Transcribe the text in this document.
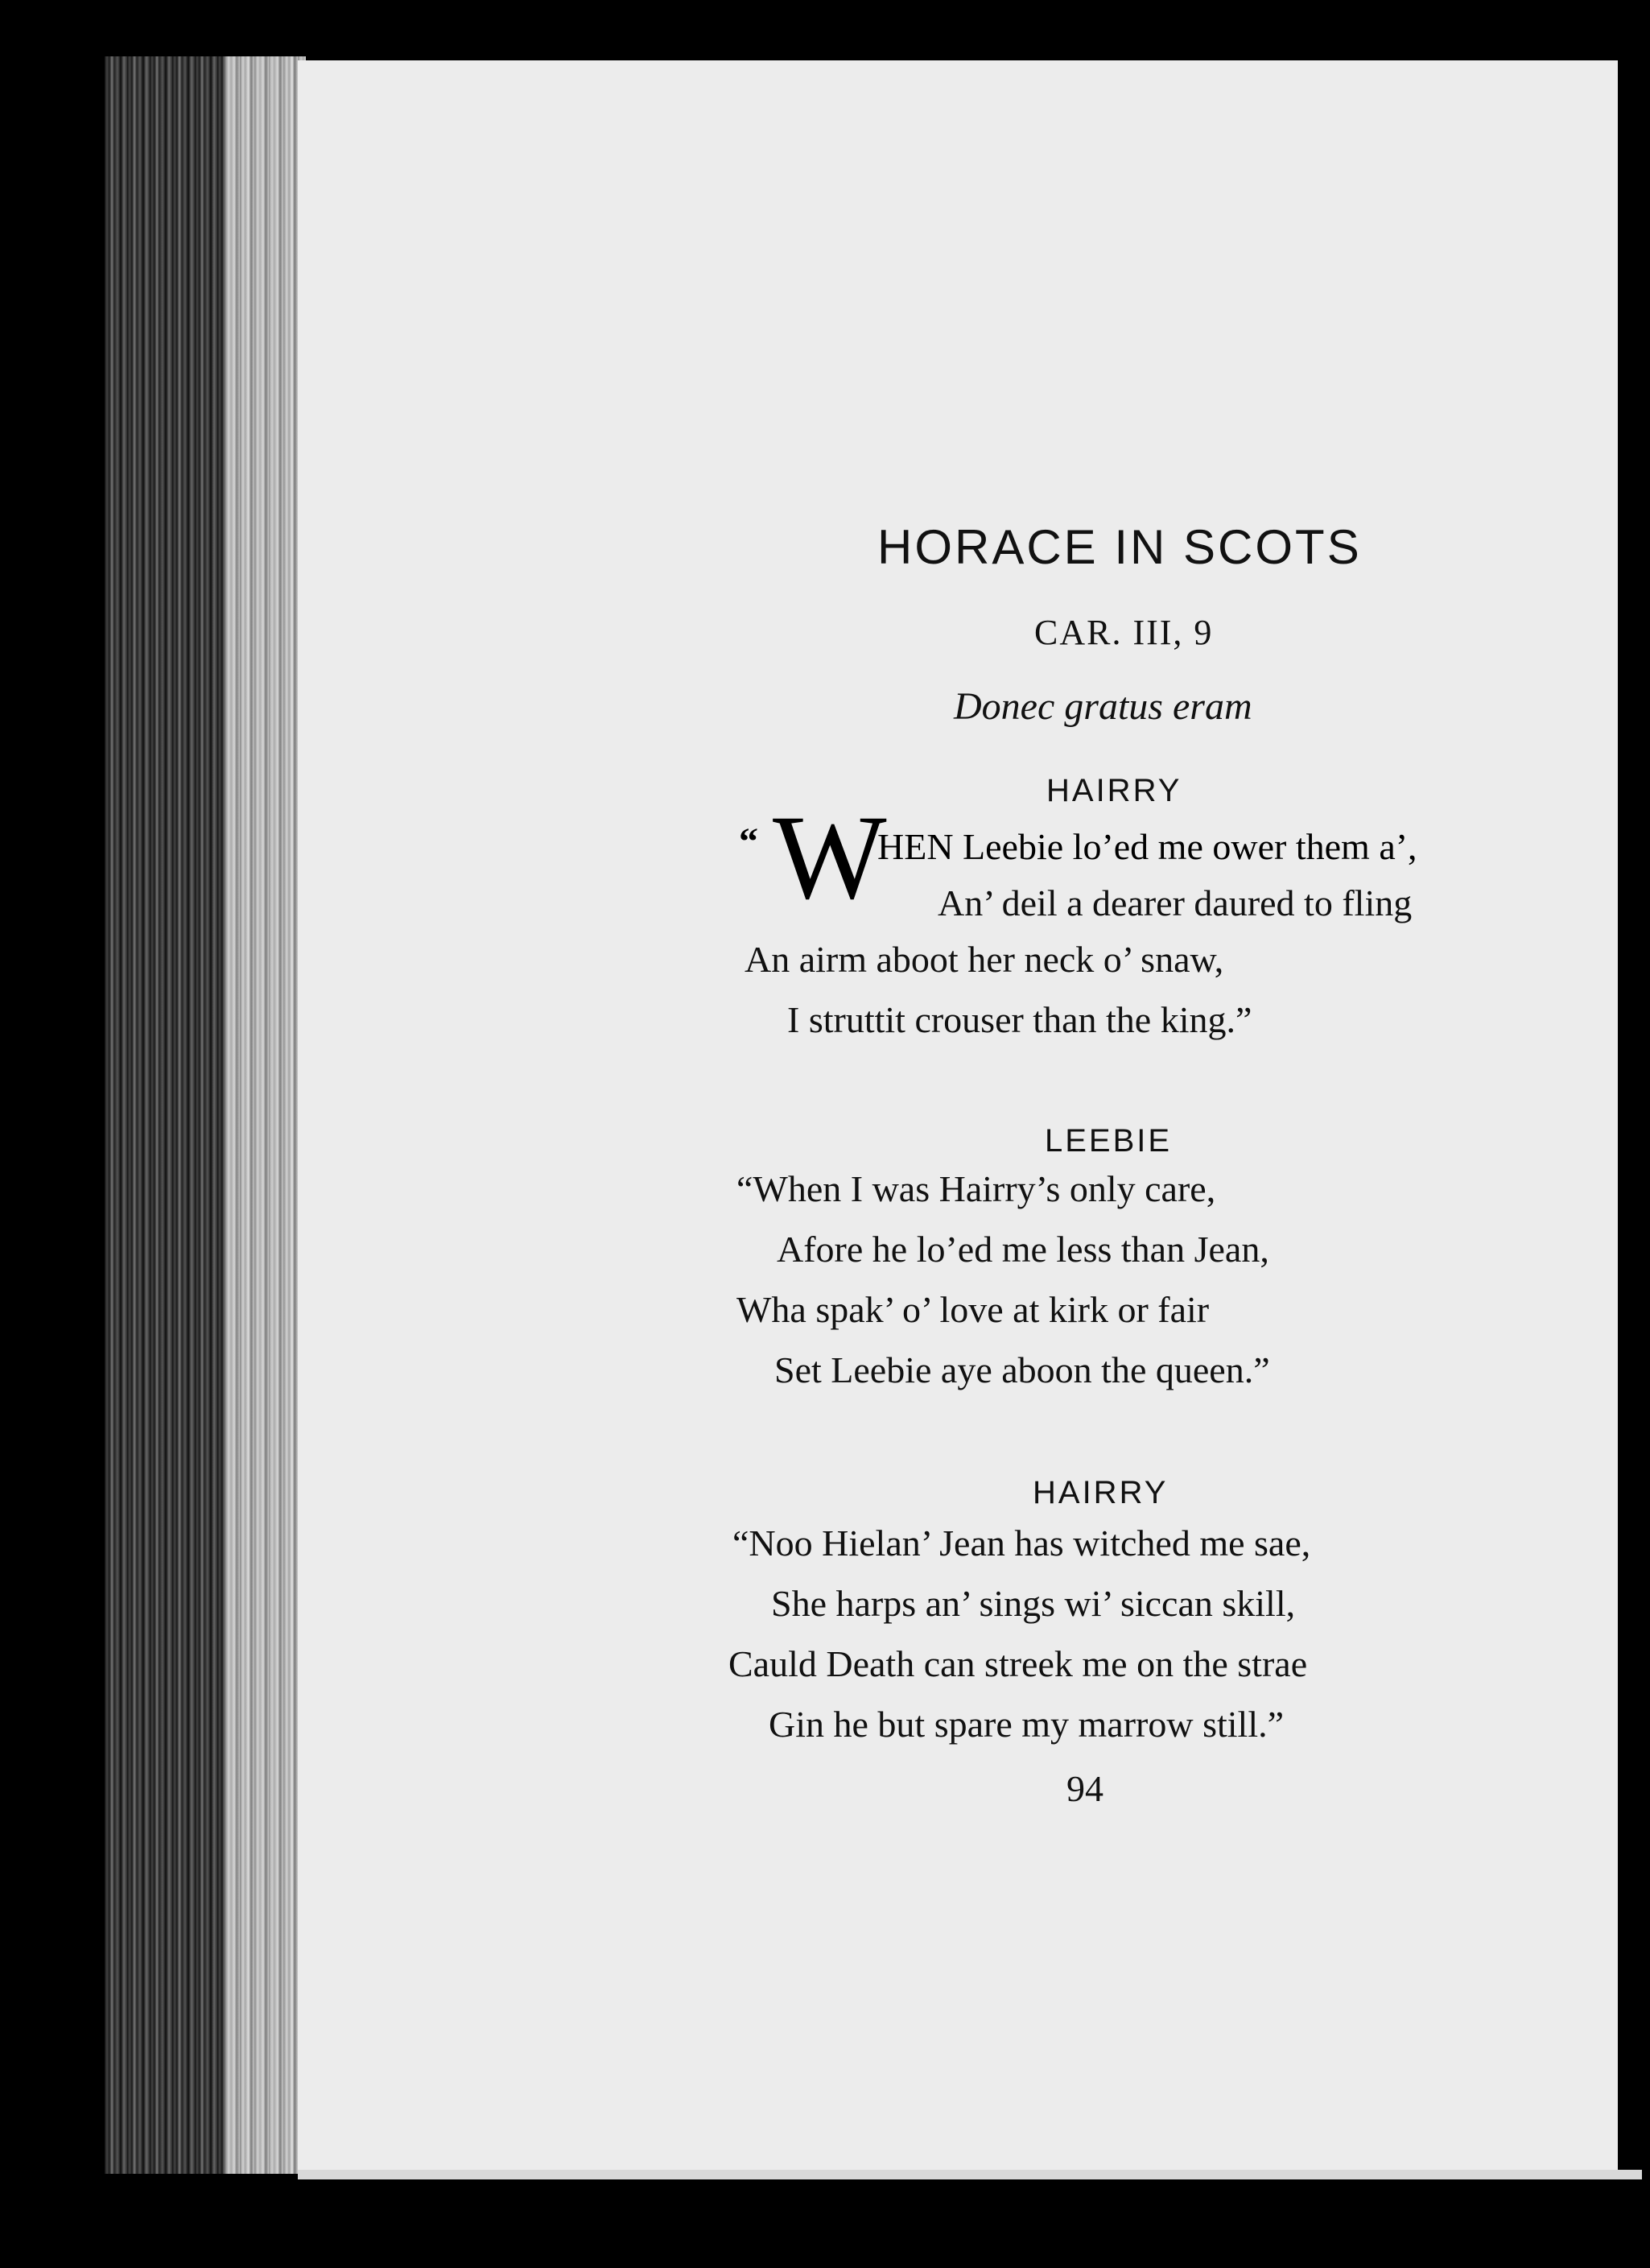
HORACE IN SCOTS
CAR. III, 9
Donec gratus eram
HAIRRY
“ W
HEN Leebie lo’ed me ower them a’,
An’ deil a dearer daured to fling
An airm aboot her neck o’ snaw,
I struttit crouser than the king.”
LEEBIE
“When I was Hairry’s only care,
Afore he lo’ed me less than Jean,
Wha spak’ o’ love at kirk or fair
Set Leebie aye aboon the queen.”
HAIRRY
“Noo Hielan’ Jean has witched me sae,
She harps an’ sings wi’ siccan skill,
Cauld Death can streek me on the strae
Gin he but spare my marrow still.”
94
